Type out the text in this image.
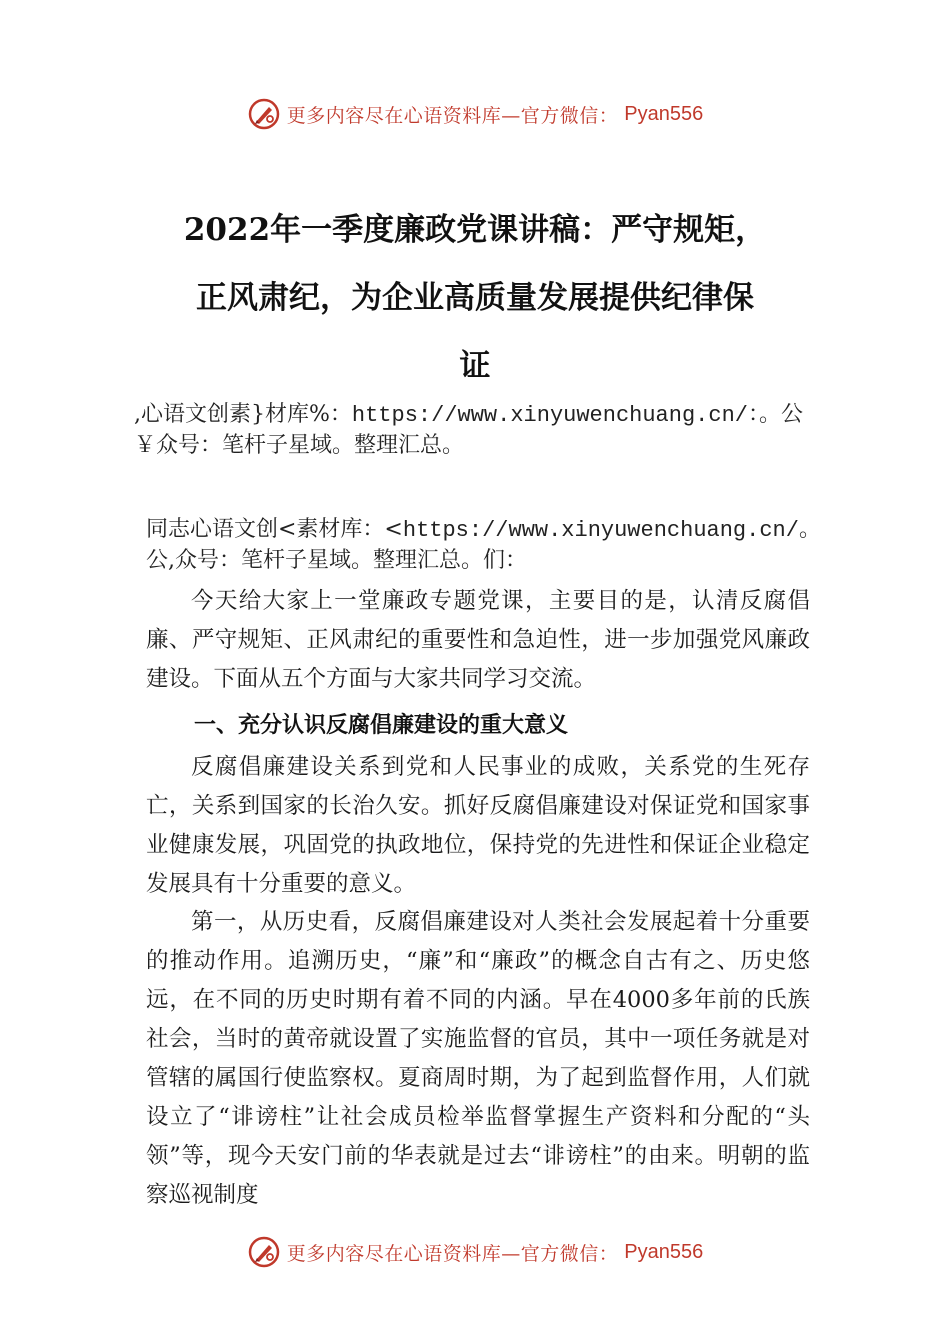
更多内容尽在心语资料库—官方微信： Pyan556
2022年一季度廉政党课讲稿：严守规矩，
正风肃纪，为企业高质量发展提供纪律保
证
,心语文创素}材库%：https://www.xinyuwenchuang.cn/：。公
￥众号：笔杆子星域。整理汇总。
同志心语文创<素材库：<https://www.xinyuwenchuang.cn/。
公,众号：笔杆子星域。整理汇总。们：
今天给大家上一堂廉政专题党课，主要目的是，认清反腐倡廉、严守规矩、正风肃纪的重要性和急迫性，进一步加强党风廉政建设。下面从五个方面与大家共同学习交流。
一、充分认识反腐倡廉建设的重大意义
反腐倡廉建设关系到党和人民事业的成败，关系党的生死存亡，关系到国家的长治久安。抓好反腐倡廉建设对保证党和国家事业健康发展，巩固党的执政地位，保持党的先进性和保证企业稳定发展具有十分重要的意义。
第一，从历史看，反腐倡廉建设对人类社会发展起着十分重要的推动作用。追溯历史，“廉”和“廉政”的概念自古有之、历史悠远，在不同的历史时期有着不同的内涵。早在4000多年前的氏族社会，当时的黄帝就设置了实施监督的官员，其中一项任务就是对管辖的属国行使监察权。夏商周时期，为了起到监督作用，人们就设立了“诽谤柱”让社会成员检举监督掌握生产资料和分配的“头领”等，现今天安门前的华表就是过去“诽谤柱”的由来。明朝的监察巡视制度
更多内容尽在心语资料库—官方微信： Pyan556
